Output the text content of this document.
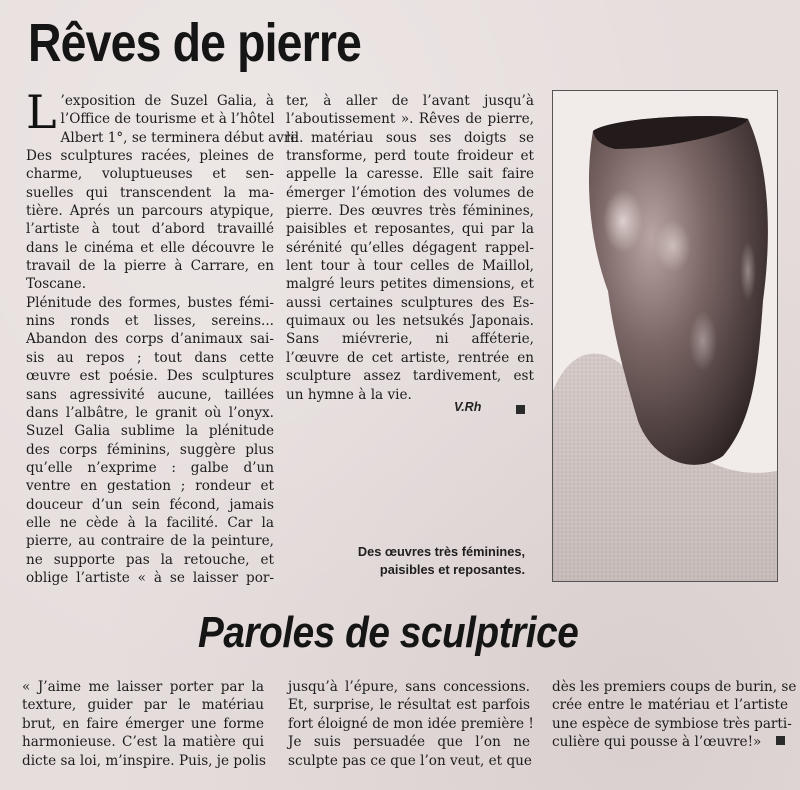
Rêves de pierre
L ’exposition de Suzel Galia, à
l’Office de tourisme et à l’hôtel
Albert 1°, se terminera début avril.
Des sculptures racées, pleines de
charme, voluptueuses et sen-
suelles qui transcendent la ma-
tière. Aprés un parcours atypique,
l’artiste à tout d’abord travaillé
dans le cinéma et elle découvre le
travail de la pierre à Carrare, en
Toscane.
Plénitude des formes, bustes fémi-
nins ronds et lisses, sereins...
Abandon des corps d’animaux sai-
sis au repos ; tout dans cette
œuvre est poésie. Des sculptures
sans agressivité aucune, taillées
dans l’albâtre, le granit où l’onyx.
Suzel Galia sublime la plénitude
des corps féminins, suggère plus
qu’elle n’exprime : galbe d’un
ventre en gestation ; rondeur et
douceur d’un sein fécond, jamais
elle ne cède à la facilité. Car la
pierre, au contraire de la peinture,
ne supporte pas la retouche, et
oblige l’artiste « à se laisser por-
ter, à aller de l’avant jusqu’à
l’aboutissement ». Rêves de pierre,
le matériau sous ses doigts se
transforme, perd toute froideur et
appelle la caresse. Elle sait faire
émerger l’émotion des volumes de
pierre. Des œuvres très féminines,
paisibles et reposantes, qui par la
sérénité qu’elles dégagent rappel-
lent tour à tour celles de Maillol,
malgré leurs petites dimensions, et
aussi certaines sculptures des Es-
quimaux ou les netsukés Japonais.
Sans miévrerie, ni afféterie,
l’œuvre de cet artiste, rentrée en
sculpture assez tardivement, est
un hymne à la vie.
V.Rh
Des œuvres très féminines,
paisibles et reposantes.
Paroles de sculptrice
« J’aime me laisser porter par la
texture, guider par le matériau
brut, en faire émerger une forme
harmonieuse. C’est la matière qui
dicte sa loi, m’inspire. Puis, je polis
jusqu’à l’épure, sans concessions.
Et, surprise, le résultat est parfois
fort éloigné de mon idée première !
Je suis persuadée que l’on ne
sculpte pas ce que l’on veut, et que
dès les premiers coups de burin, se
crée entre le matériau et l’artiste
une espèce de symbiose très parti-
culière qui pousse à l’œuvre!»
